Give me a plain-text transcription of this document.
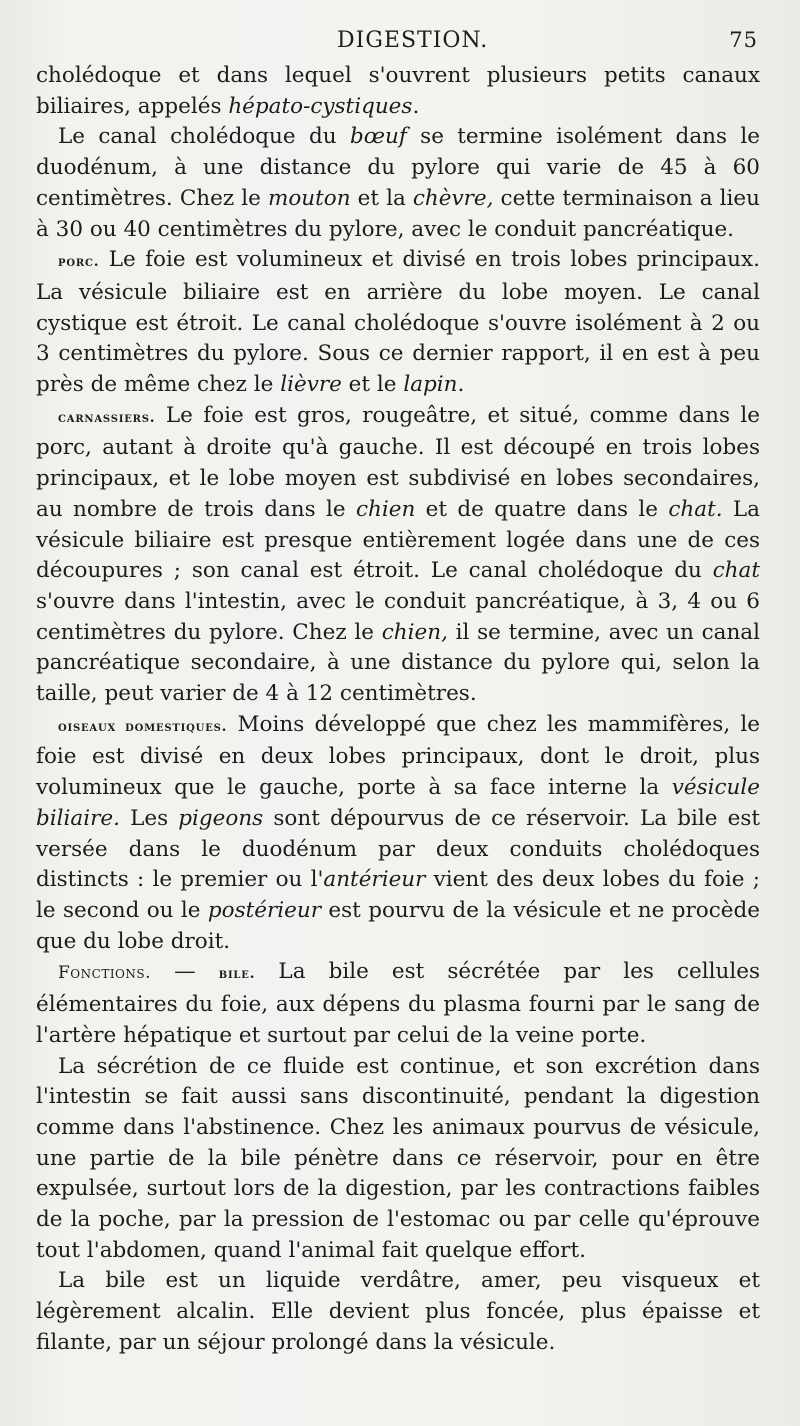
DIGESTION.	75

cholédoque et dans lequel s'ouvrent plusieurs petits canaux biliaires, appelés hépato-cystiques.

Le canal cholédoque du bœuf se termine isolément dans le duodénum, à une distance du pylore qui varie de 45 à 60 centimètres. Chez le mouton et la chèvre, cette terminaison a lieu à 30 ou 40 centimètres du pylore, avec le conduit pancréatique.

porc. Le foie est volumineux et divisé en trois lobes principaux. La vésicule biliaire est en arrière du lobe moyen. Le canal cystique est étroit. Le canal cholédoque s'ouvre isolément à 2 ou 3 centimètres du pylore. Sous ce dernier rapport, il en est à peu près de même chez le lièvre et le lapin.

carnassiers. Le foie est gros, rougeâtre, et situé, comme dans le porc, autant à droite qu'à gauche. Il est découpé en trois lobes principaux, et le lobe moyen est subdivisé en lobes secondaires, au nombre de trois dans le chien et de quatre dans le chat. La vésicule biliaire est presque entièrement logée dans une de ces découpures ; son canal est étroit. Le canal cholédoque du chat s'ouvre dans l'intestin, avec le conduit pancréatique, à 3, 4 ou 6 centimètres du pylore. Chez le chien, il se termine, avec un canal pancréatique secondaire, à une distance du pylore qui, selon la taille, peut varier de 4 à 12 centimètres.

oiseaux domestiques. Moins développé que chez les mammifères, le foie est divisé en deux lobes principaux, dont le droit, plus volumineux que le gauche, porte à sa face interne la vésicule biliaire. Les pigeons sont dépourvus de ce réservoir. La bile est versée dans le duodénum par deux conduits cholédoques distincts : le premier ou l'antérieur vient des deux lobes du foie ; le second ou le postérieur est pourvu de la vésicule et ne procède que du lobe droit.

Fonctions. — bile. La bile est sécrétée par les cellules élémentaires du foie, aux dépens du plasma fourni par le sang de l'artère hépatique et surtout par celui de la veine porte.

La sécrétion de ce fluide est continue, et son excrétion dans l'intestin se fait aussi sans discontinuité, pendant la digestion comme dans l'abstinence. Chez les animaux pourvus de vésicule, une partie de la bile pénètre dans ce réservoir, pour en être expulsée, surtout lors de la digestion, par les contractions faibles de la poche, par la pression de l'estomac ou par celle qu'éprouve tout l'abdomen, quand l'animal fait quelque effort.

La bile est un liquide verdâtre, amer, peu visqueux et légèrement alcalin. Elle devient plus foncée, plus épaisse et filante, par un séjour prolongé dans la vésicule.
